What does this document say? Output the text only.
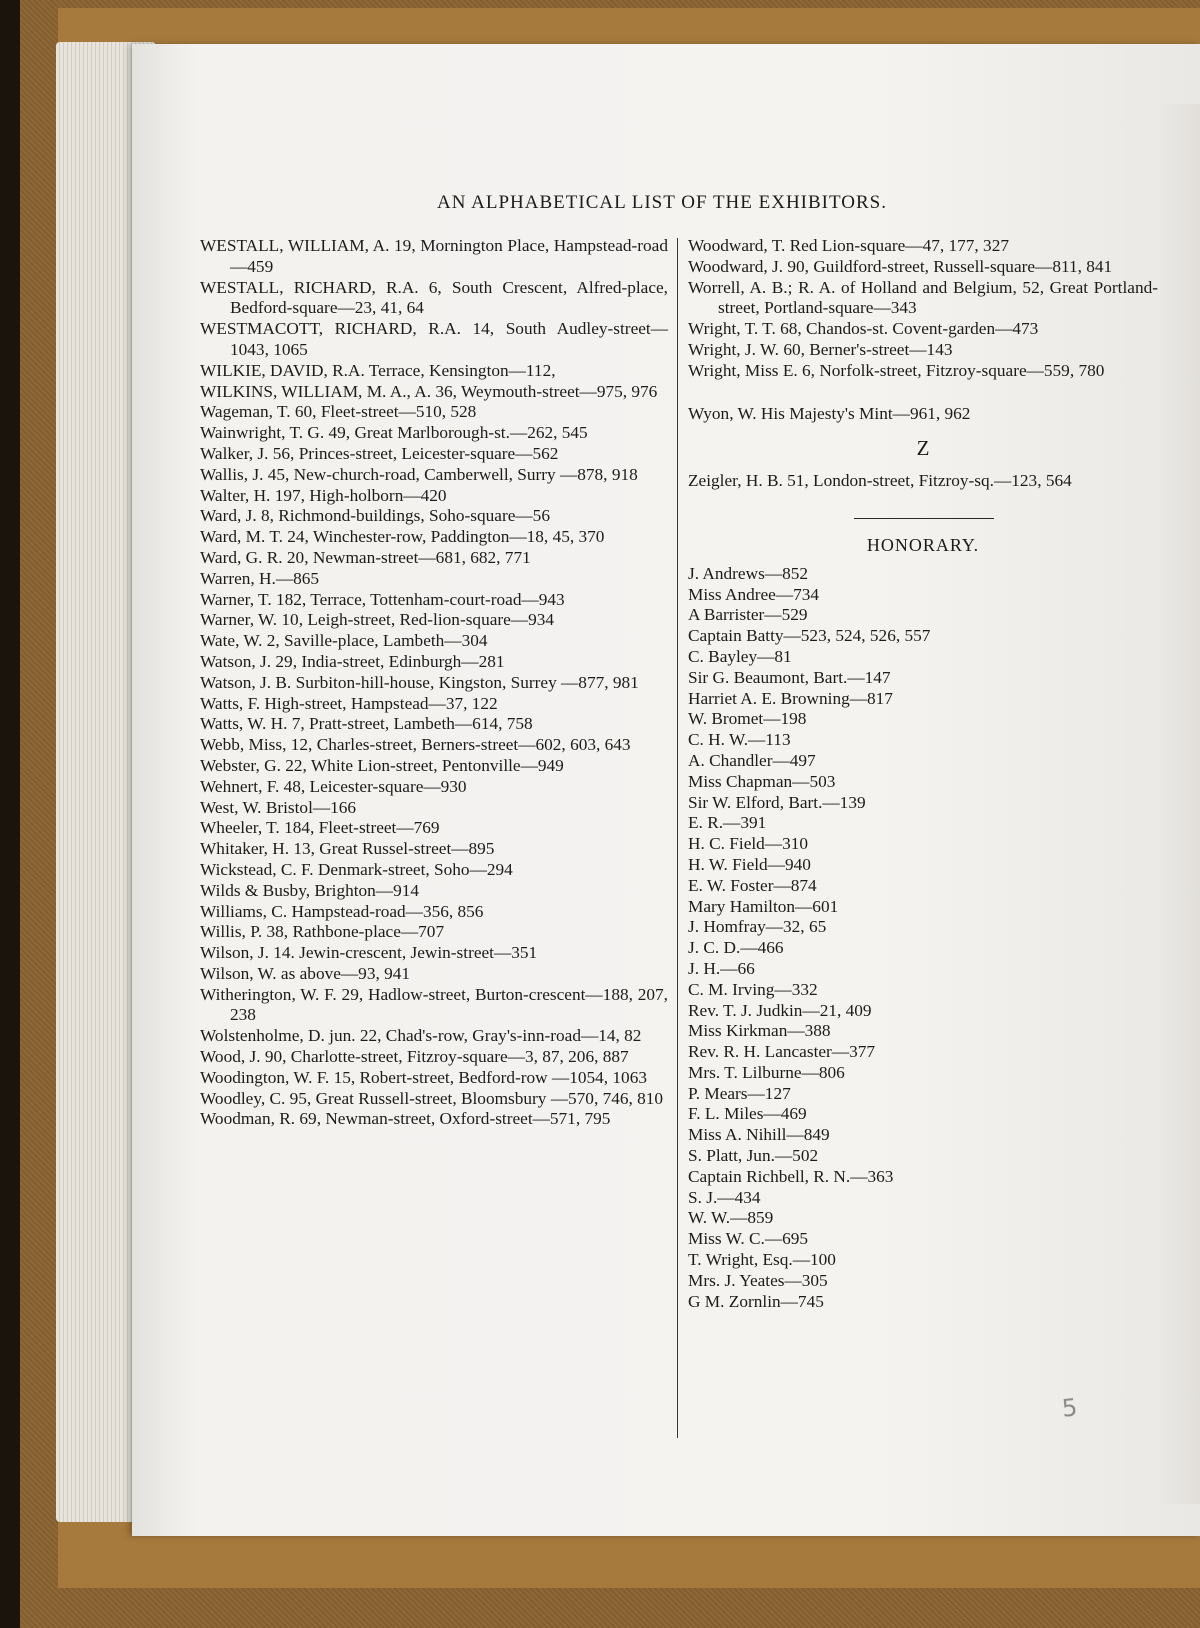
AN ALPHABETICAL LIST OF THE EXHIBITORS.

WESTALL, WILLIAM, A. 19, Mornington Place, Hampstead-road—459

WESTALL, RICHARD, R.A. 6, South Crescent, Alfred-place, Bedford-square—23, 41, 64

WESTMACOTT, RICHARD, R.A. 14, South Audley-street—1043, 1065

WILKIE, DAVID, R.A. Terrace, Kensington—112,

WILKINS, WILLIAM, M. A., A. 36, Weymouth-street—975, 976

Wageman, T. 60, Fleet-street—510, 528

Wainwright, T. G. 49, Great Marlborough-st.—262, 545

Walker, J. 56, Princes-street, Leicester-square—562

Wallis, J. 45, New-church-road, Camberwell, Surry —878, 918

Walter, H. 197, High-holborn—420

Ward, J. 8, Richmond-buildings, Soho-square—56

Ward, M. T. 24, Winchester-row, Paddington—18, 45, 370

Ward, G. R. 20, Newman-street—681, 682, 771

Warren, H.—865

Warner, T. 182, Terrace, Tottenham-court-road—943

Warner, W. 10, Leigh-street, Red-lion-square—934

Wate, W. 2, Saville-place, Lambeth—304

Watson, J. 29, India-street, Edinburgh—281

Watson, J. B. Surbiton-hill-house, Kingston, Surrey —877, 981

Watts, F. High-street, Hampstead—37, 122

Watts, W. H. 7, Pratt-street, Lambeth—614, 758

Webb, Miss, 12, Charles-street, Berners-street—602, 603, 643

Webster, G. 22, White Lion-street, Pentonville—949

Wehnert, F. 48, Leicester-square—930

West, W. Bristol—166

Wheeler, T. 184, Fleet-street—769

Whitaker, H. 13, Great Russel-street—895

Wickstead, C. F. Denmark-street, Soho—294

Wilds & Busby, Brighton—914

Williams, C. Hampstead-road—356, 856

Willis, P. 38, Rathbone-place—707

Wilson, J. 14. Jewin-crescent, Jewin-street—351

Wilson, W. as above—93, 941

Witherington, W. F. 29, Hadlow-street, Burton-crescent—188, 207, 238

Wolstenholme, D. jun. 22, Chad's-row, Gray's-inn-road—14, 82

Wood, J. 90, Charlotte-street, Fitzroy-square—3, 87, 206, 887

Woodington, W. F. 15, Robert-street, Bedford-row —1054, 1063

Woodley, C. 95, Great Russell-street, Bloomsbury —570, 746, 810

Woodman, R. 69, Newman-street, Oxford-street—571, 795

Woodward, T. Red Lion-square—47, 177, 327

Woodward, J. 90, Guildford-street, Russell-square—811, 841

Worrell, A. B.; R. A. of Holland and Belgium, 52, Great Portland-street, Portland-square—343

Wright, T. T. 68, Chandos-st. Covent-garden—473

Wright, J. W. 60, Berner's-street—143

Wright, Miss E. 6, Norfolk-street, Fitzroy-square—559, 780

Wyon, W. His Majesty's Mint—961, 962

Z

Zeigler, H. B. 51, London-street, Fitzroy-sq.—123, 564

HONORARY.

J. Andrews—852

Miss Andree—734

A Barrister—529

Captain Batty—523, 524, 526, 557

C. Bayley—81

Sir G. Beaumont, Bart.—147

Harriet A. E. Browning—817

W. Bromet—198

C. H. W.—113

A. Chandler—497

Miss Chapman—503

Sir W. Elford, Bart.—139

E. R.—391

H. C. Field—310

H. W. Field—940

E. W. Foster—874

Mary Hamilton—601

J. Homfray—32, 65

J. C. D.—466

J. H.—66

C. M. Irving—332

Rev. T. J. Judkin—21, 409

Miss Kirkman—388

Rev. R. H. Lancaster—377

Mrs. T. Lilburne—806

P. Mears—127

F. L. Miles—469

Miss A. Nihill—849

S. Platt, Jun.—502

Captain Richbell, R. N.—363

S. J.—434

W. W.—859

Miss W. C.—695

T. Wright, Esq.—100

Mrs. J. Yeates—305

G M. Zornlin—745

5
